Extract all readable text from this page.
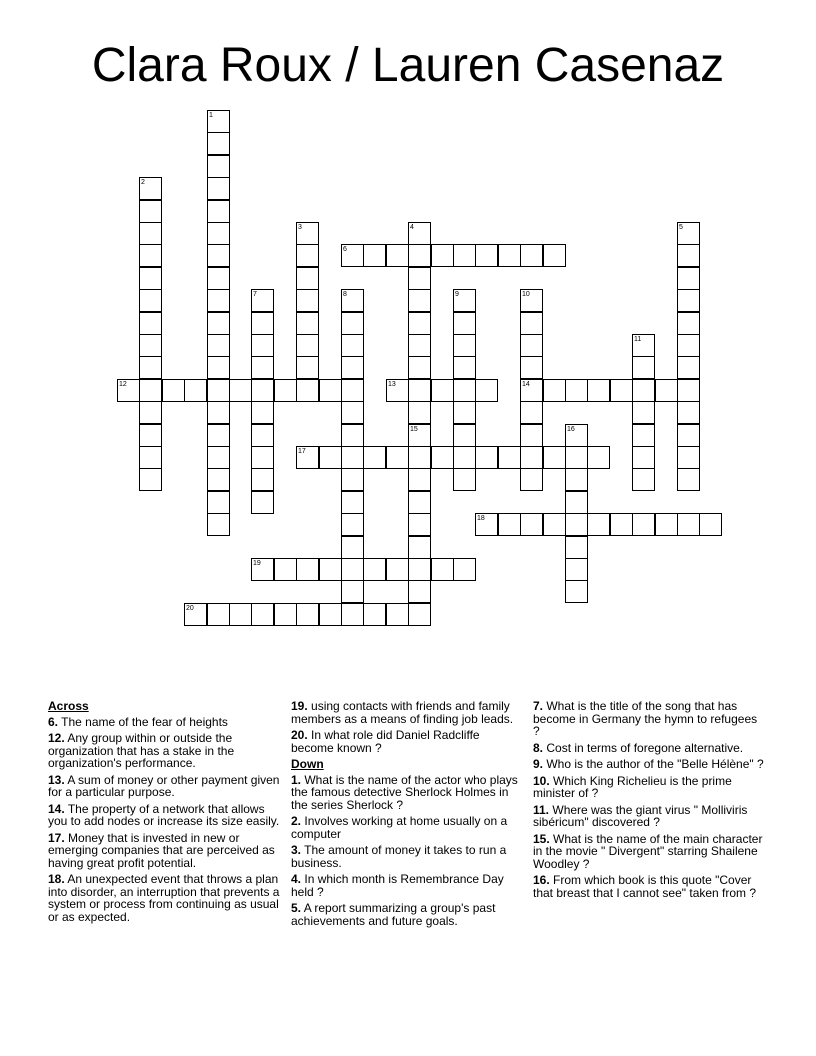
Clara Roux / Lauren Casenaz
1
2
3	4
15
5
6
7	8	9	10
14
11
12	13
16
17
18
19
20
Across
6. The name of the fear of heights
12. Any group within or outside the organization that has a stake in the organization's performance.
13. A sum of money or other payment given for a particular purpose.
14. The property of a network that allows you to add nodes or increase its size easily.
17. Money that is invested in new or emerging companies that are perceived as having great profit potential.
18. An unexpected event that throws a plan into disorder, an interruption that prevents a system or process from continuing as usual or as expected.
19. using contacts with friends and family members as a means of finding job leads.
20. In what role did Daniel Radcliffe become known ?
Down
1. What is the name of the actor who plays the famous detective Sherlock Holmes in the series Sherlock ?
2. Involves working at home usually on a computer
3. The amount of money it takes to run a business.
4. In which month is Remembrance Day held ?
5. A report summarizing a group's past achievements and future goals.
7. What is the title of the song that has become in Germany the hymn to refugees ?
8. Cost in terms of foregone alternative.
9. Who is the author of the "Belle Hélène" ?
10. Which King Richelieu is the prime minister of ?
11. Where was the giant virus " Molliviris sibéricum" discovered ?
15. What is the name of the main character in the movie " Divergent" starring Shailene Woodley ?
16. From which book is this quote "Cover that breast that I cannot see" taken from ?
